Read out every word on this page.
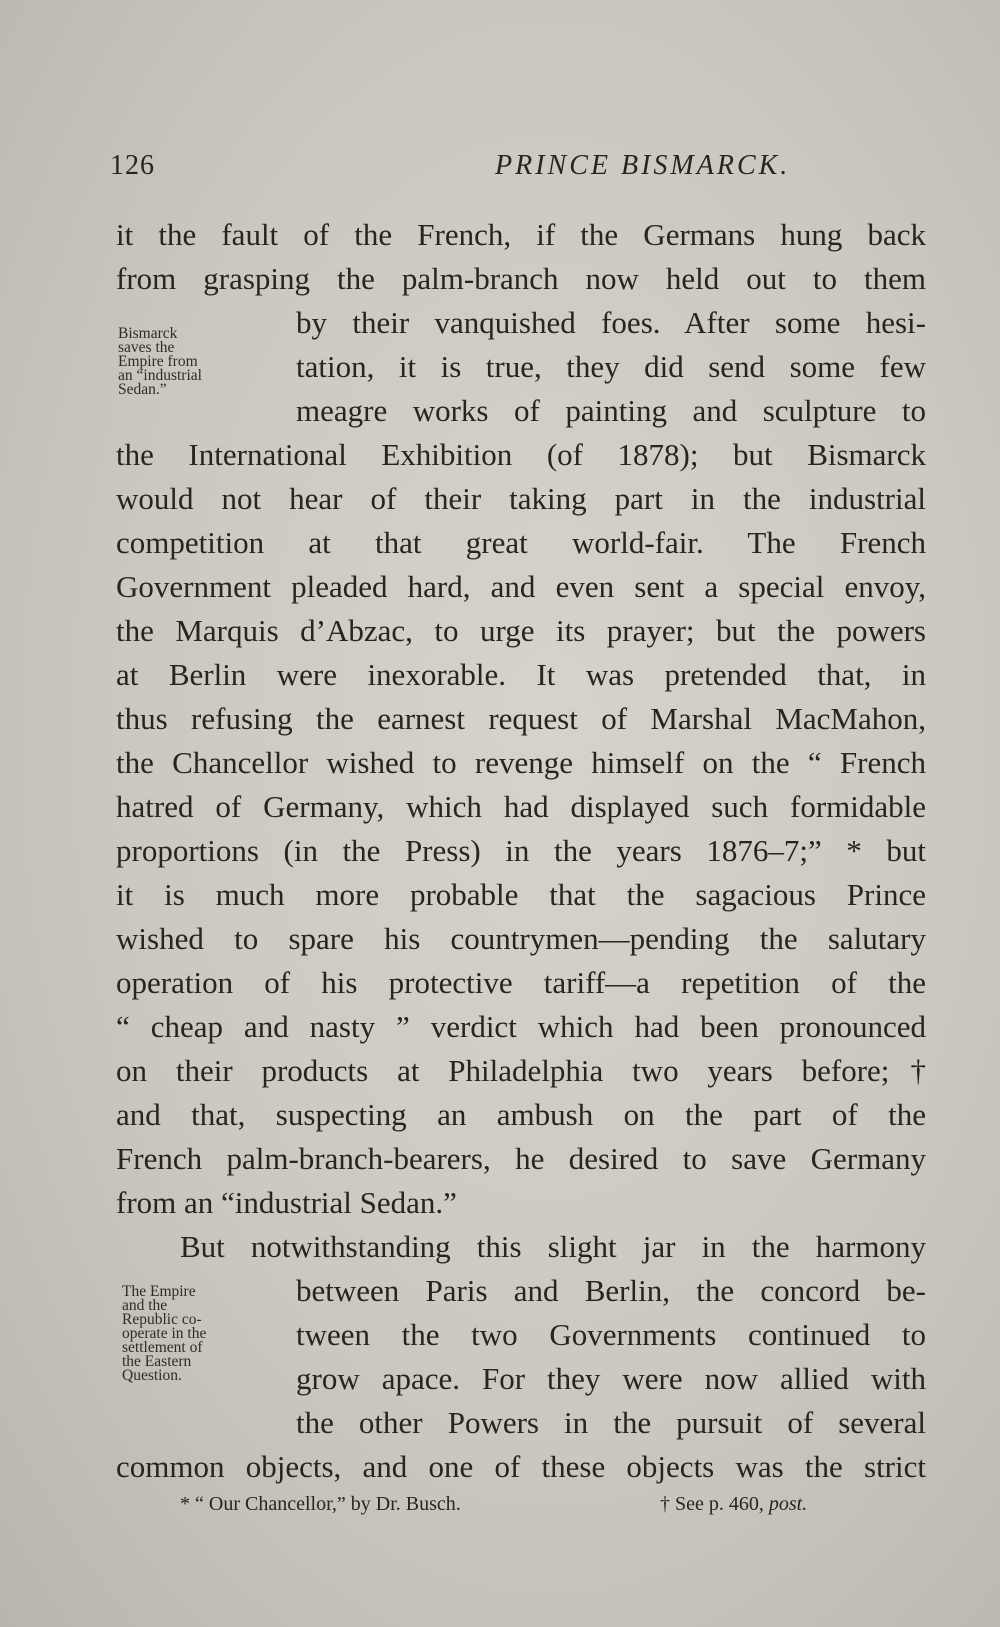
126	PRINCE BISMARCK.
Bismarck
saves the
Empire from
an “industrial
Sedan.”
The Empire
and the
Republic co-
operate in the
settlement of
the Eastern
Question.
it the fault of the French, if the Germans hung back
from grasping the palm-branch now held out to them
by their vanquished foes. After some hesi-
tation, it is true, they did send some few
meagre works of painting and sculpture to
the International Exhibition (of 1878); but Bismarck
would not hear of their taking part in the industrial
competition at that great world-fair. The French
Government pleaded hard, and even sent a special envoy,
the Marquis d’Abzac, to urge its prayer; but the powers
at Berlin were inexorable. It was pretended that, in
thus refusing the earnest request of Marshal MacMahon,
the Chancellor wished to revenge himself on the “ French
hatred of Germany, which had displayed such formidable
proportions (in the Press) in the years 1876–7;” * but
it is much more probable that the sagacious Prince
wished to spare his countrymen—pending the salutary
operation of his protective tariff—a repetition of the
“ cheap and nasty ” verdict which had been pronounced
on their products at Philadelphia two years before;†
and that, suspecting an ambush on the part of the
French palm-branch-bearers, he desired to save Germany
from an “industrial Sedan.”
But notwithstanding this slight jar in the harmony
between Paris and Berlin, the concord be-
tween the two Governments continued to
grow apace. For they were now allied with
the other Powers in the pursuit of several
common objects, and one of these objects was the strict
* “ Our Chancellor,” by Dr. Busch.	† See p. 460, post.
